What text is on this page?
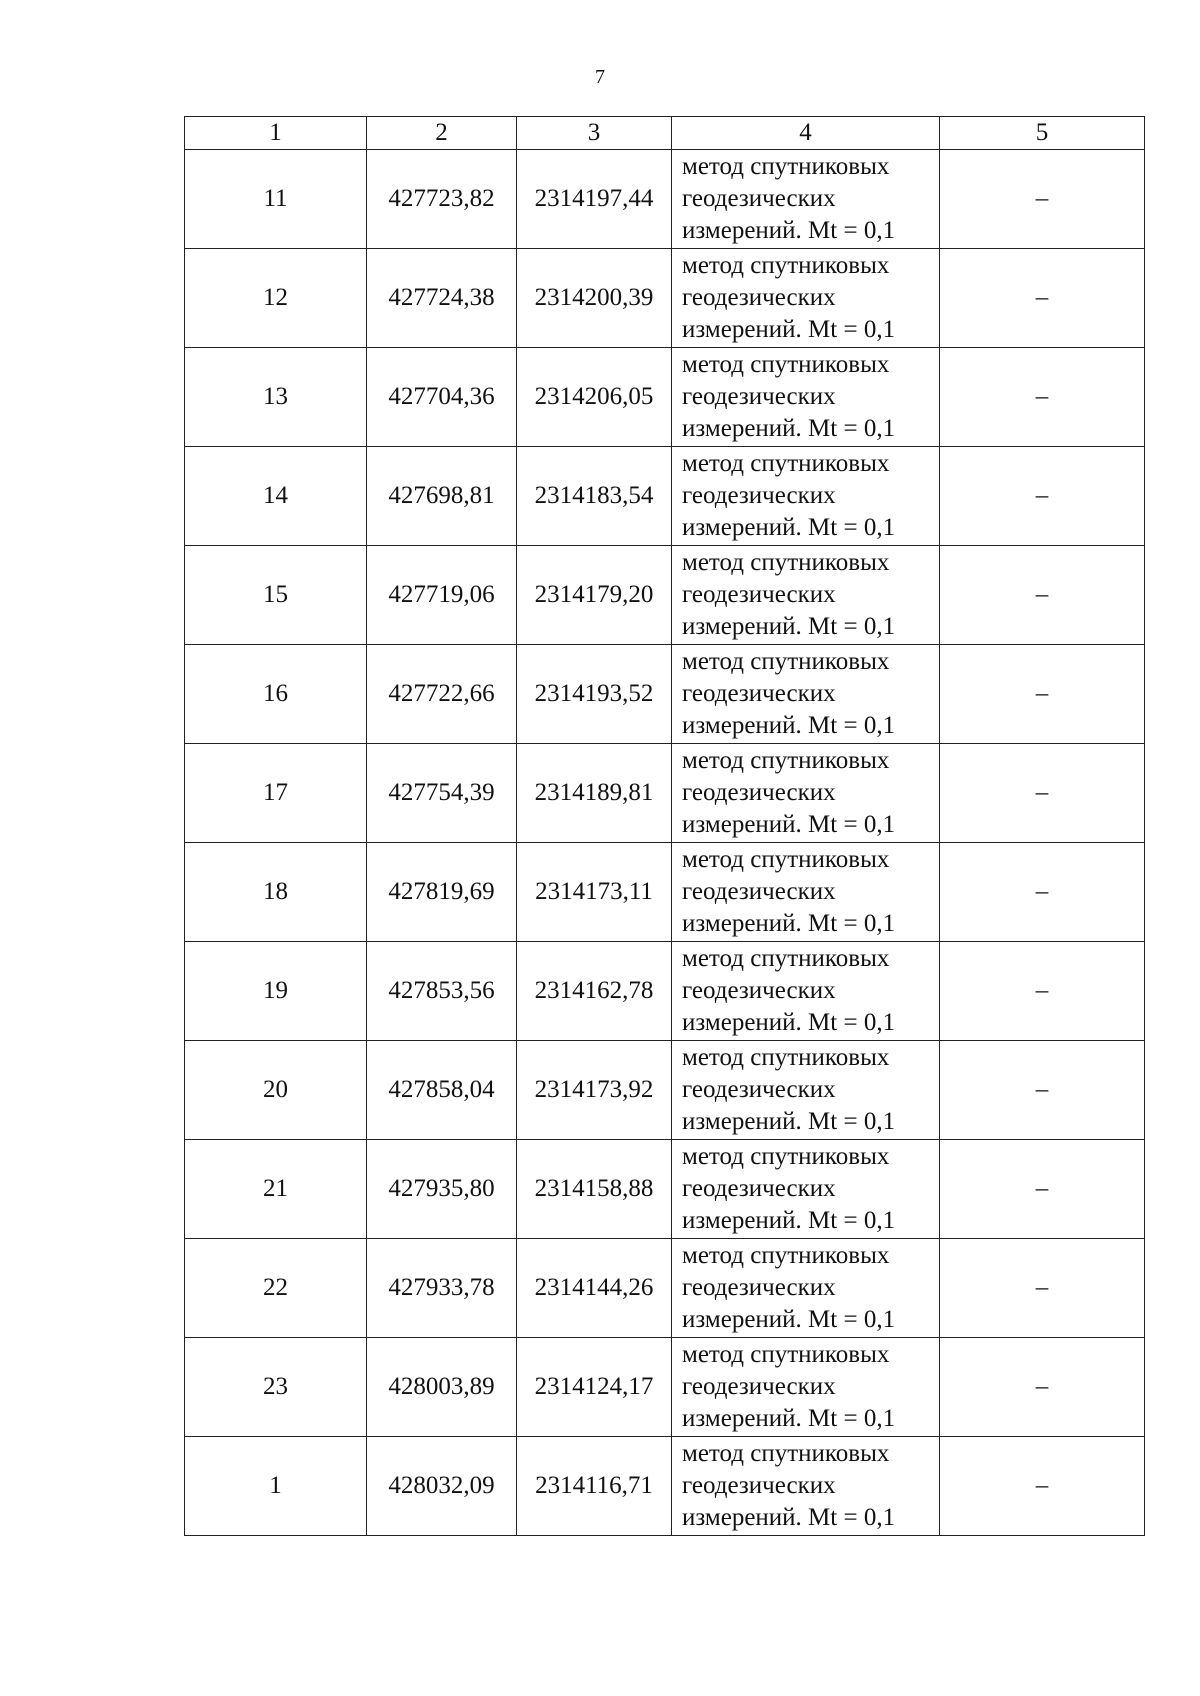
7
1	2	3	4	5
11	427723,82	2314197,44	метод спутниковых
геодезических
измерений. Mt = 0,1	–
12	427724,38	2314200,39	метод спутниковых
геодезических
измерений. Mt = 0,1	–
13	427704,36	2314206,05	метод спутниковых
геодезических
измерений. Mt = 0,1	–
14	427698,81	2314183,54	метод спутниковых
геодезических
измерений. Mt = 0,1	–
15	427719,06	2314179,20	метод спутниковых
геодезических
измерений. Mt = 0,1	–
16	427722,66	2314193,52	метод спутниковых
геодезических
измерений. Mt = 0,1	–
17	427754,39	2314189,81	метод спутниковых
геодезических
измерений. Mt = 0,1	–
18	427819,69	2314173,11	метод спутниковых
геодезических
измерений. Mt = 0,1	–
19	427853,56	2314162,78	метод спутниковых
геодезических
измерений. Mt = 0,1	–
20	427858,04	2314173,92	метод спутниковых
геодезических
измерений. Mt = 0,1	–
21	427935,80	2314158,88	метод спутниковых
геодезических
измерений. Mt = 0,1	–
22	427933,78	2314144,26	метод спутниковых
геодезических
измерений. Mt = 0,1	–
23	428003,89	2314124,17	метод спутниковых
геодезических
измерений. Mt = 0,1	–
1	428032,09	2314116,71	метод спутниковых
геодезических
измерений. Mt = 0,1	–
